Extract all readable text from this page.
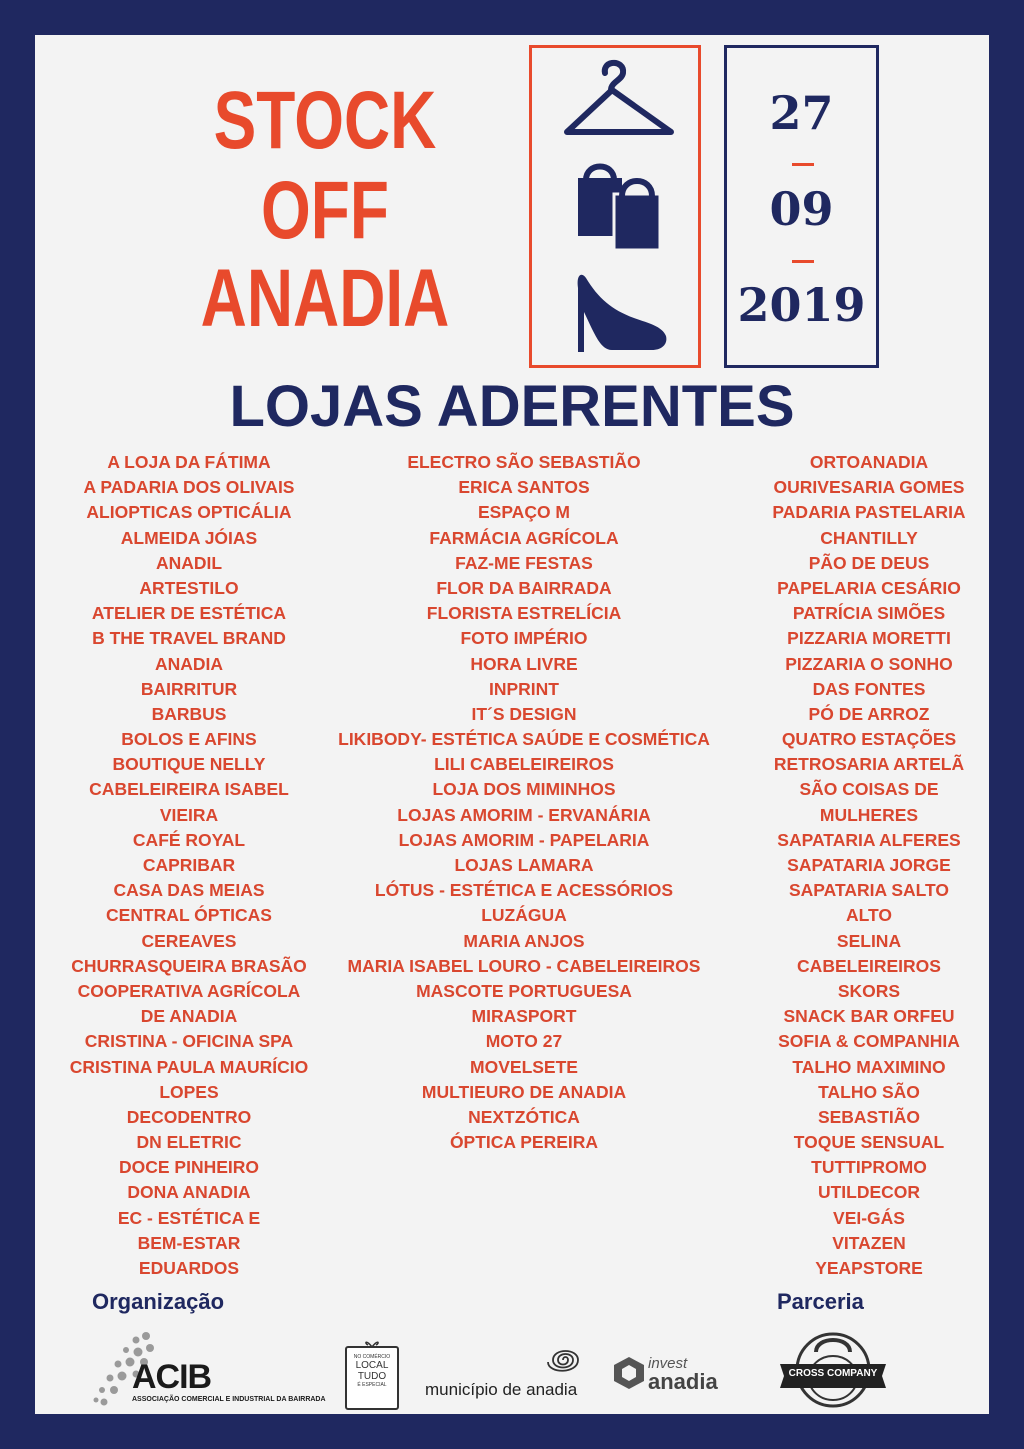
STOCK
OFF
ANADIA
27
09
2019
LOJAS ADERENTES
A LOJA DA FÁTIMA
A PADARIA DOS OLIVAIS
ALIOPTICAS OPTICÁLIA
ALMEIDA JÓIAS
ANADIL
ARTESTILO
ATELIER DE ESTÉTICA
B THE TRAVEL BRAND
ANADIA
BAIRRITUR
BARBUS
BOLOS E AFINS
BOUTIQUE NELLY
CABELEIREIRA ISABEL
VIEIRA
CAFÉ ROYAL
CAPRIBAR
CASA DAS MEIAS
CENTRAL ÓPTICAS
CEREAVES
CHURRASQUEIRA BRASÃO
COOPERATIVA AGRÍCOLA
DE ANADIA
CRISTINA - OFICINA SPA
CRISTINA PAULA MAURÍCIO
LOPES
DECODENTRO
DN ELETRIC
DOCE PINHEIRO
DONA ANADIA
EC - ESTÉTICA E
BEM-ESTAR
EDUARDOS
ELECTRO SÃO SEBASTIÃO
ERICA SANTOS
ESPAÇO M
FARMÁCIA AGRÍCOLA
FAZ-ME FESTAS
FLOR DA BAIRRADA
FLORISTA ESTRELÍCIA
FOTO IMPÉRIO
HORA LIVRE
INPRINT
IT´S DESIGN
LIKIBODY- ESTÉTICA SAÚDE E COSMÉTICA
LILI CABELEIREIROS
LOJA DOS MIMINHOS
LOJAS AMORIM - ERVANÁRIA
LOJAS AMORIM - PAPELARIA
LOJAS LAMARA
LÓTUS - ESTÉTICA E ACESSÓRIOS
LUZÁGUA
MARIA ANJOS
MARIA ISABEL LOURO - CABELEIREIROS
MASCOTE PORTUGUESA
MIRASPORT
MOTO 27
MOVELSETE
MULTIEURO DE ANADIA
NEXTZÓTICA
ÓPTICA PEREIRA
ORTOANADIA
OURIVESARIA GOMES
PADARIA PASTELARIA
CHANTILLY
PÃO DE DEUS
PAPELARIA CESÁRIO
PATRÍCIA SIMÕES
PIZZARIA MORETTI
PIZZARIA O SONHO
DAS FONTES
PÓ DE ARROZ
QUATRO ESTAÇÕES
RETROSARIA ARTELÃ
SÃO COISAS DE
MULHERES
SAPATARIA ALFERES
SAPATARIA JORGE
SAPATARIA SALTO
ALTO
SELINA
CABELEIREIROS
SKORS
SNACK BAR ORFEU
SOFIA & COMPANHIA
TALHO MAXIMINO
TALHO SÃO
SEBASTIÃO
TOQUE SENSUAL
TUTTIPROMO
UTILDECOR
VEI-GÁS
VITAZEN
YEAPSTORE
Organização	Parceria
ACIB
ASSOCIAÇÃO COMERCIAL E INDUSTRIAL DA BAIRRADA
NO COMÉRCIO
LOCAL
TUDO
É ESPECIAL	município de anadia
invest
anadia	CROSS COMPANY
